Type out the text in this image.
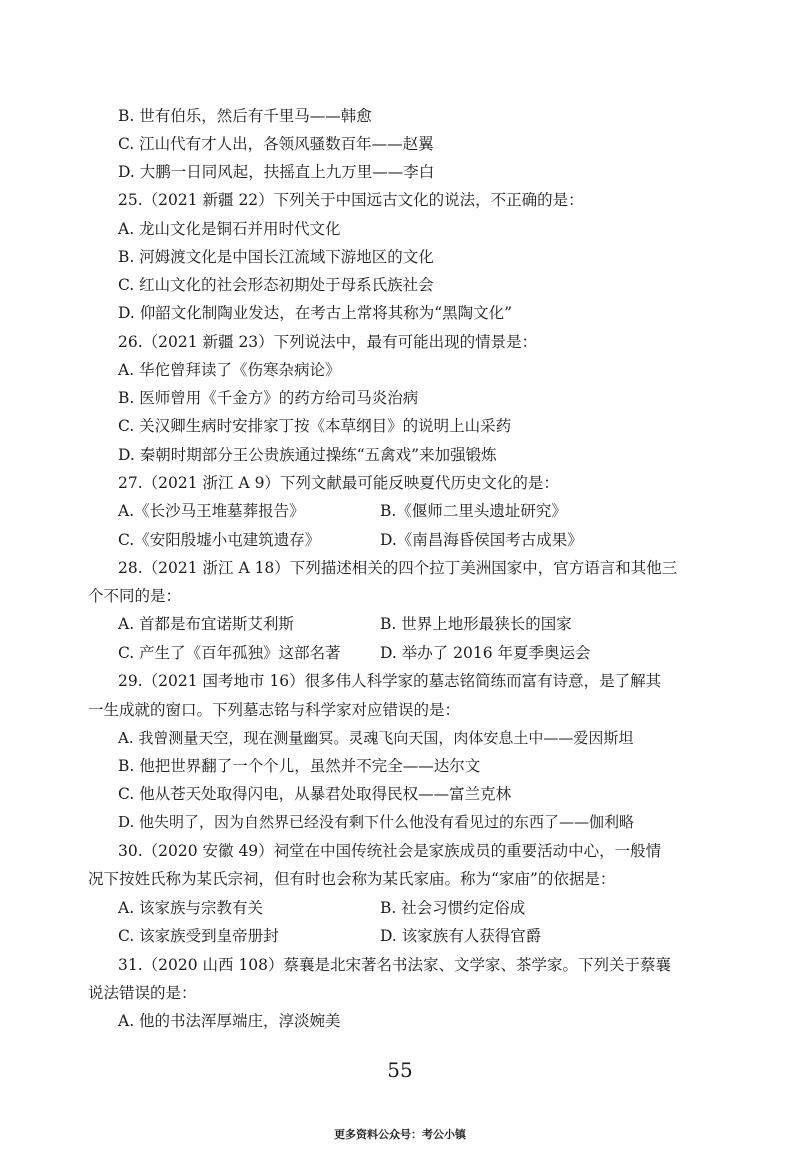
B. 世有伯乐，然后有千里马——韩愈
C. 江山代有才人出，各领风骚数百年——赵翼
D. 大鹏一日同风起，扶摇直上九万里——李白
25.（2021 新疆 22）下列关于中国远古文化的说法，不正确的是：
A. 龙山文化是铜石并用时代文化
B. 河姆渡文化是中国长江流域下游地区的文化
C. 红山文化的社会形态初期处于母系氏族社会
D. 仰韶文化制陶业发达，在考古上常将其称为“黑陶文化”
26.（2021 新疆 23）下列说法中，最有可能出现的情景是：
A. 华佗曾拜读了《伤寒杂病论》
B. 医师曾用《千金方》的药方给司马炎治病
C. 关汉卿生病时安排家丁按《本草纲目》的说明上山采药
D. 秦朝时期部分王公贵族通过操练“五禽戏”来加强锻炼
27.（2021 浙江 A 9）下列文献最可能反映夏代历史文化的是：
A.《长沙马王堆墓葬报告》	B.《偃师二里头遗址研究》
C.《安阳殷墟小屯建筑遗存》	D.《南昌海昏侯国考古成果》
28.（2021 浙江 A 18）下列描述相关的四个拉丁美洲国家中，官方语言和其他三
个不同的是：
A. 首都是布宜诺斯艾利斯	B. 世界上地形最狭长的国家
C. 产生了《百年孤独》这部名著	D. 举办了 2016 年夏季奥运会
29.（2021 国考地市 16）很多伟人科学家的墓志铭简练而富有诗意，是了解其
一生成就的窗口。下列墓志铭与科学家对应错误的是：
A. 我曾测量天空，现在测量幽冥。灵魂飞向天国，肉体安息土中——爱因斯坦
B. 他把世界翻了一个个儿，虽然并不完全——达尔文
C. 他从苍天处取得闪电，从暴君处取得民权——富兰克林
D. 他失明了，因为自然界已经没有剩下什么他没有看见过的东西了——伽利略
30.（2020 安徽 49）祠堂在中国传统社会是家族成员的重要活动中心，一般情
况下按姓氏称为某氏宗祠，但有时也会称为某氏家庙。称为“家庙”的依据是：
A. 该家族与宗教有关	B. 社会习惯约定俗成
C. 该家族受到皇帝册封	D. 该家族有人获得官爵
31.（2020 山西 108）蔡襄是北宋著名书法家、文学家、茶学家。下列关于蔡襄
说法错误的是：
A. 他的书法浑厚端庄，淳淡婉美
55
更多资料公众号：考公小镇
